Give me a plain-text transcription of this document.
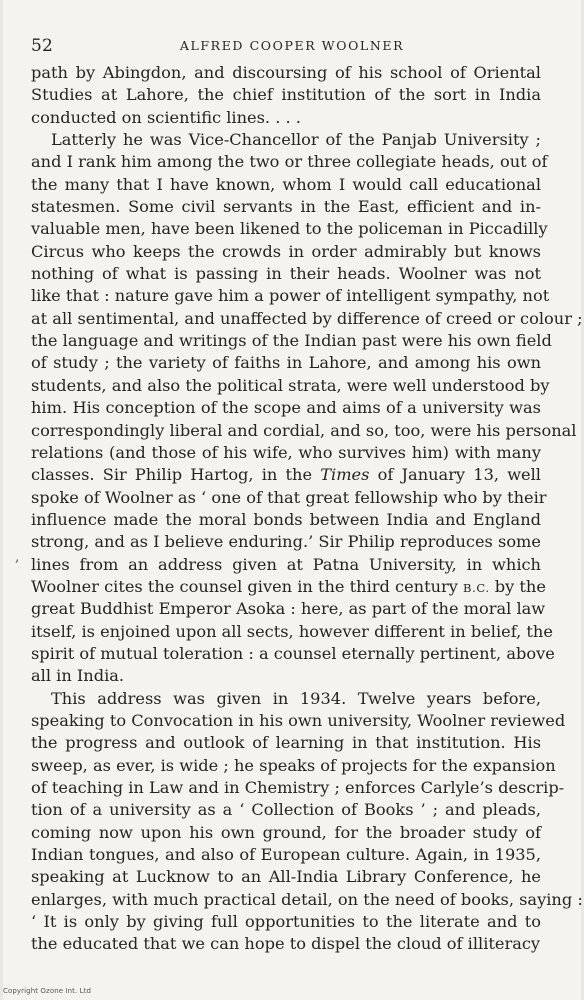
52	ALFRED COOPER WOOLNER
path by Abingdon, and discoursing of his school of Oriental
Studies at Lahore, the chief institution of the sort in India
conducted on scientific lines. . . .
Latterly he was Vice-Chancellor of the Panjab University ;
and I rank him among the two or three collegiate heads, out of
the many that I have known, whom I would call educational
statesmen. Some civil servants in the East, efficient and in-
valuable men, have been likened to the policeman in Piccadilly
Circus who keeps the crowds in order admirably but knows
nothing of what is passing in their heads. Woolner was not
like that : nature gave him a power of intelligent sympathy, not
at all sentimental, and unaffected by difference of creed or colour ;
the language and writings of the Indian past were his own field
of study ; the variety of faiths in Lahore, and among his own
students, and also the political strata, were well understood by
him. His conception of the scope and aims of a university was
correspondingly liberal and cordial, and so, too, were his personal
relations (and those of his wife, who survives him) with many
classes. Sir Philip Hartog, in the Times of January 13, well
spoke of Woolner as ‘ one of that great fellowship who by their
influence made the moral bonds between India and England
strong, and as I believe enduring.’ Sir Philip reproduces some
lines from an address given at Patna University, in which
Woolner cites the counsel given in the third century B.C. by the
great Buddhist Emperor Asoka : here, as part of the moral law
itself, is enjoined upon all sects, however different in belief, the
spirit of mutual toleration : a counsel eternally pertinent, above
all in India.
This address was given in 1934. Twelve years before,
speaking to Convocation in his own university, Woolner reviewed
the progress and outlook of learning in that institution. His
sweep, as ever, is wide ; he speaks of projects for the expansion
of teaching in Law and in Chemistry ; enforces Carlyle’s descrip-
tion of a university as a ‘ Collection of Books ’ ; and pleads,
coming now upon his own ground, for the broader study of
Indian tongues, and also of European culture. Again, in 1935,
speaking at Lucknow to an All-India Library Conference, he
enlarges, with much practical detail, on the need of books, saying :
‘ It is only by giving full opportunities to the literate and to
the educated that we can hope to dispel the cloud of illiteracy
,
Copyright Ozone Int. Ltd
